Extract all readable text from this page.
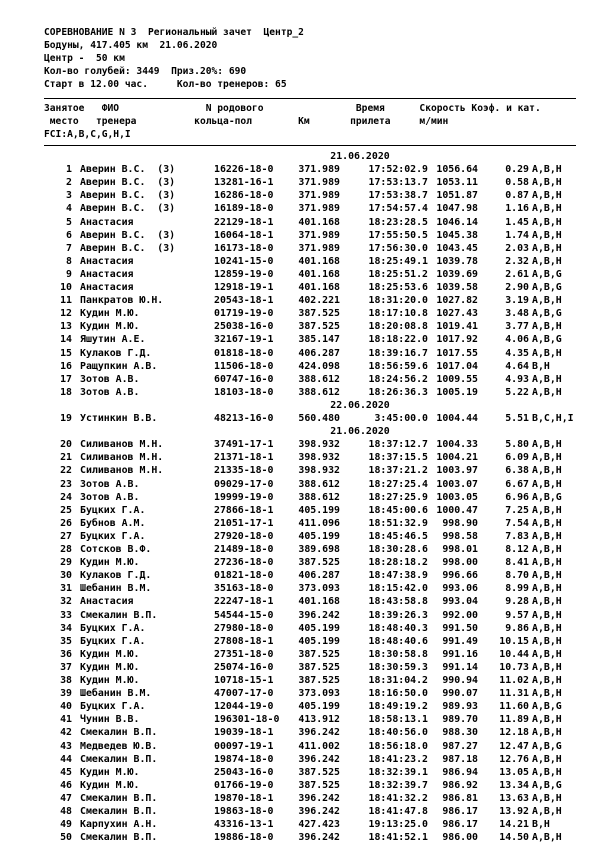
СОРЕВНОВАНИЕ N 3  Региональный зачет  Центр_2
Бодуны, 417.405 км  21.06.2020
Центр -  50 км
Кол-во голубей: 3449  Приз.20%: 690
Старт в 12.00 час.     Кол-во тренеров: 65
Занятое   ФИО               N родового                Время      Скорость Коэф. и кат.
место   тренера          кольца-пол        Км       прилета     м/мин
FCI:A,B,C,G,H,I
21.06.2020
1 Аверин В.С.  (3)	16226-18-0	371.989	17:52:02.9 1056.64	0.29 A,B,H
2 Аверин В.С.  (3)	13281-16-1	371.989	17:53:13.7 1053.11	0.58 A,B,H
3 Аверин В.С.  (3)	16286-18-0	371.989	17:53:38.7 1051.87	0.87 A,B,H
4 Аверин В.С.  (3)	16189-18-0	371.989	17:54:57.4 1047.98	1.16 A,B,H
5 Анастасия	22129-18-1	401.168	18:23:28.5 1046.14	1.45 A,B,H
6 Аверин В.С.  (3)	16064-18-1	371.989	17:55:50.5 1045.38	1.74 A,B,H
7 Аверин В.С.  (3)	16173-18-0	371.989	17:56:30.0 1043.45	2.03 A,B,H
8 Анастасия	10241-15-0	401.168	18:25:49.1 1039.78	2.32 A,B,H
9 Анастасия	12859-19-0	401.168	18:25:51.2 1039.69	2.61 A,B,G
10 Анастасия	12918-19-1	401.168	18:25:53.6 1039.58	2.90 A,B,G
11 Панкратов Ю.Н.	20543-18-1	402.221	18:31:20.0 1027.82	3.19 A,B,H
12 Кудин М.Ю.	01719-19-0	387.525	18:17:10.8 1027.43	3.48 A,B,G
13 Кудин М.Ю.	25038-16-0	387.525	18:20:08.8 1019.41	3.77 A,B,H
14 Яшутин А.Е.	32167-19-1	385.147	18:18:22.0 1017.92	4.06 A,B,G
15 Кулаков Г.Д.	01818-18-0	406.287	18:39:16.7 1017.55	4.35 A,B,H
16 Ращупкин А.В.	11506-18-0	424.098	18:56:59.6 1017.04	4.64 B,H
17 Зотов А.В.	60747-16-0	388.612	18:24:56.2 1009.55	4.93 A,B,H
18 Зотов А.В.	18103-18-0	388.612	18:26:36.3 1005.19	5.22 A,B,H
22.06.2020
19 Устинкин В.В.	48213-16-0	560.480	3:45:00.0 1004.44	5.51 B,C,H,I
21.06.2020
20 Силиванов М.Н.	37491-17-1	398.932	18:37:12.7 1004.33	5.80 A,B,H
21 Силиванов М.Н.	21371-18-1	398.932	18:37:15.5 1004.21	6.09 A,B,H
22 Силиванов М.Н.	21335-18-0	398.932	18:37:21.2 1003.97	6.38 A,B,H
23 Зотов А.В.	09029-17-0	388.612	18:27:25.4 1003.07	6.67 A,B,H
24 Зотов А.В.	19999-19-0	388.612	18:27:25.9 1003.05	6.96 A,B,G
25 Буцких Г.А.	27866-18-1	405.199	18:45:00.6 1000.47	7.25 A,B,H
26 Бубнов А.М.	21051-17-1	411.096	18:51:32.9	998.90	7.54 A,B,H
27 Буцких Г.А.	27920-18-0	405.199	18:45:46.5	998.58	7.83 A,B,H
28 Сотсков В.Ф.	21489-18-0	389.698	18:30:28.6	998.01	8.12 A,B,H
29 Кудин М.Ю.	27236-18-0	387.525	18:28:18.2	998.00	8.41 A,B,H
30 Кулаков Г.Д.	01821-18-0	406.287	18:47:38.9	996.66	8.70 A,B,H
31 Шебанин В.М.	35163-18-0	373.093	18:15:42.0	993.06	8.99 A,B,H
32 Анастасия	22247-18-1	401.168	18:43:58.8	993.04	9.28 A,B,H
33 Смекалин В.П.	54544-15-0	396.242	18:39:26.3	992.00	9.57 A,B,H
34 Буцких Г.А.	27980-18-0	405.199	18:48:40.3	991.50	9.86 A,B,H
35 Буцких Г.А.	27808-18-1	405.199	18:48:40.6	991.49	10.15 A,B,H
36 Кудин М.Ю.	27351-18-0	387.525	18:30:58.8	991.16	10.44 A,B,H
37 Кудин М.Ю.	25074-16-0	387.525	18:30:59.3	991.14	10.73 A,B,H
38 Кудин М.Ю.	10718-15-1	387.525	18:31:04.2	990.94	11.02 A,B,H
39 Шебанин В.М.	47007-17-0	373.093	18:16:50.0	990.07	11.31 A,B,H
40 Буцких Г.А.	12044-19-0	405.199	18:49:19.2	989.93	11.60 A,B,G
41 Чунин В.В.	196301-18-0	413.912	18:58:13.1	989.70	11.89 A,B,H
42 Смекалин В.П.	19039-18-1	396.242	18:40:56.0	988.30	12.18 A,B,H
43 Медведев Ю.В.	00097-19-1	411.002	18:56:18.0	987.27	12.47 A,B,G
44 Смекалин В.П.	19874-18-0	396.242	18:41:23.2	987.18	12.76 A,B,H
45 Кудин М.Ю.	25043-16-0	387.525	18:32:39.1	986.94	13.05 A,B,H
46 Кудин М.Ю.	01766-19-0	387.525	18:32:39.7	986.92	13.34 A,B,G
47 Смекалин В.П.	19870-18-1	396.242	18:41:32.2	986.81	13.63 A,B,H
48 Смекалин В.П.	19863-18-0	396.242	18:41:47.8	986.17	13.92 A,B,H
49 Карпухин А.Н.	43316-13-1	427.423	19:13:25.0	986.17	14.21 B,H
50 Смекалин В.П.	19886-18-0	396.242	18:41:52.1	986.00	14.50 A,B,H
